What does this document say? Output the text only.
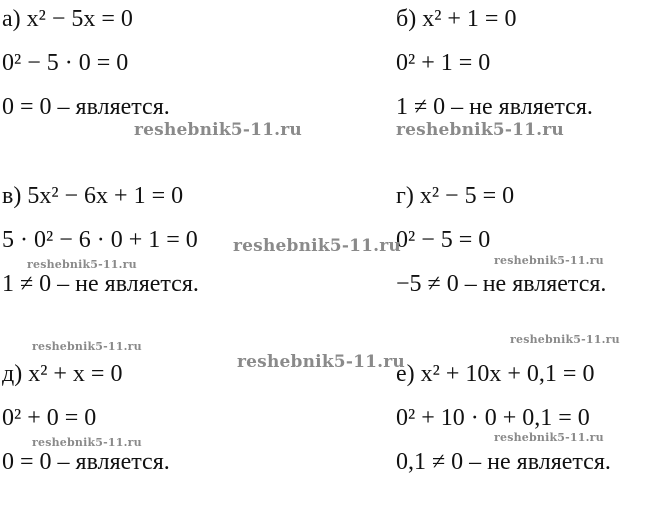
а) x² − 5x = 0
0² − 5 · 0 = 0
0 = 0 – является.
б) x² + 1 = 0
0² + 1 = 0
1 ≠ 0 – не является.
в) 5x² − 6x + 1 = 0
5 · 0² − 6 · 0 + 1 = 0
1 ≠ 0 – не является.
г) x² − 5 = 0
0² − 5 = 0
−5 ≠ 0 – не является.
д) x² + x = 0
0² + 0 = 0
0 = 0 – является.
е) x² + 10x + 0,1 = 0
0² + 10 · 0 + 0,1 = 0
0,1 ≠ 0 – не является.
reshebnik5-11.ru	reshebnik5-11.ru
reshebnik5-11.ru
reshebnik5-11.ru	reshebnik5-11.ru
reshebnik5-11.ru
reshebnik5-11.ru
reshebnik5-11.ru
reshebnik5-11.ru	reshebnik5-11.ru
